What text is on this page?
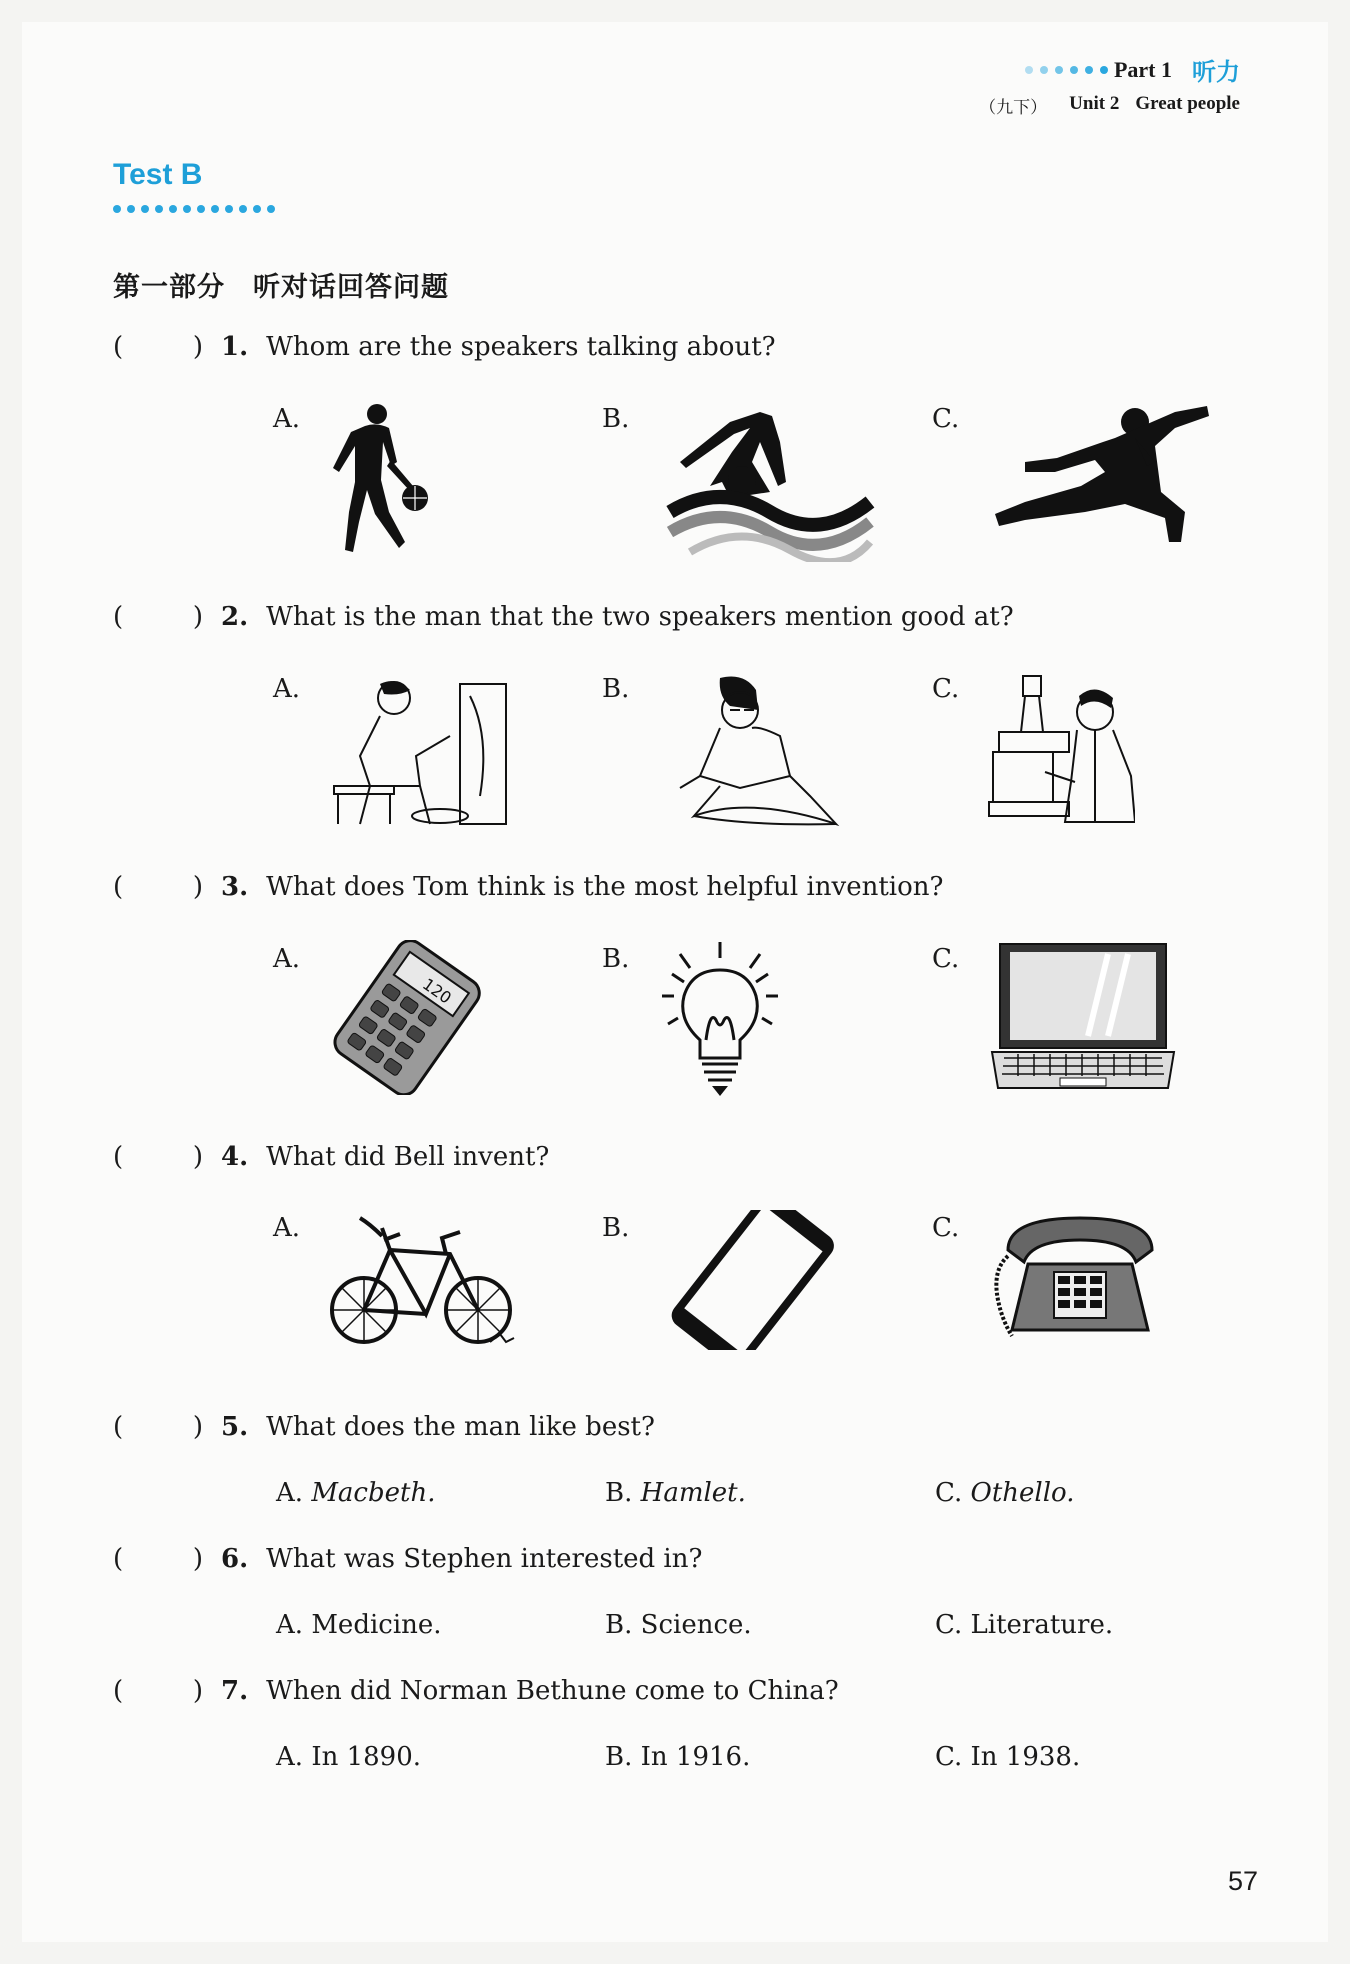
Part 1 听力
（九下） Unit 2 Great people
Test B
第一部分　听对话回答问题
(	) 1. Whom are the speakers talking about?
A.	B.	C.
(	) 2. What is the man that the two speakers mention good at?
A.	B.	C.
(	) 3. What does Tom think is the most helpful invention?
A.	B.	C.
120
(	) 4. What did Bell invent?
A.	B.	C.
(	) 5. What does the man like best?
A. Macbeth.	B. Hamlet.	C. Othello.
(	) 6. What was Stephen interested in?
A. Medicine.	B. Science.	C. Literature.
(	) 7. When did Norman Bethune come to China?
A. In 1890.	B. In 1916.	C. In 1938.
57
